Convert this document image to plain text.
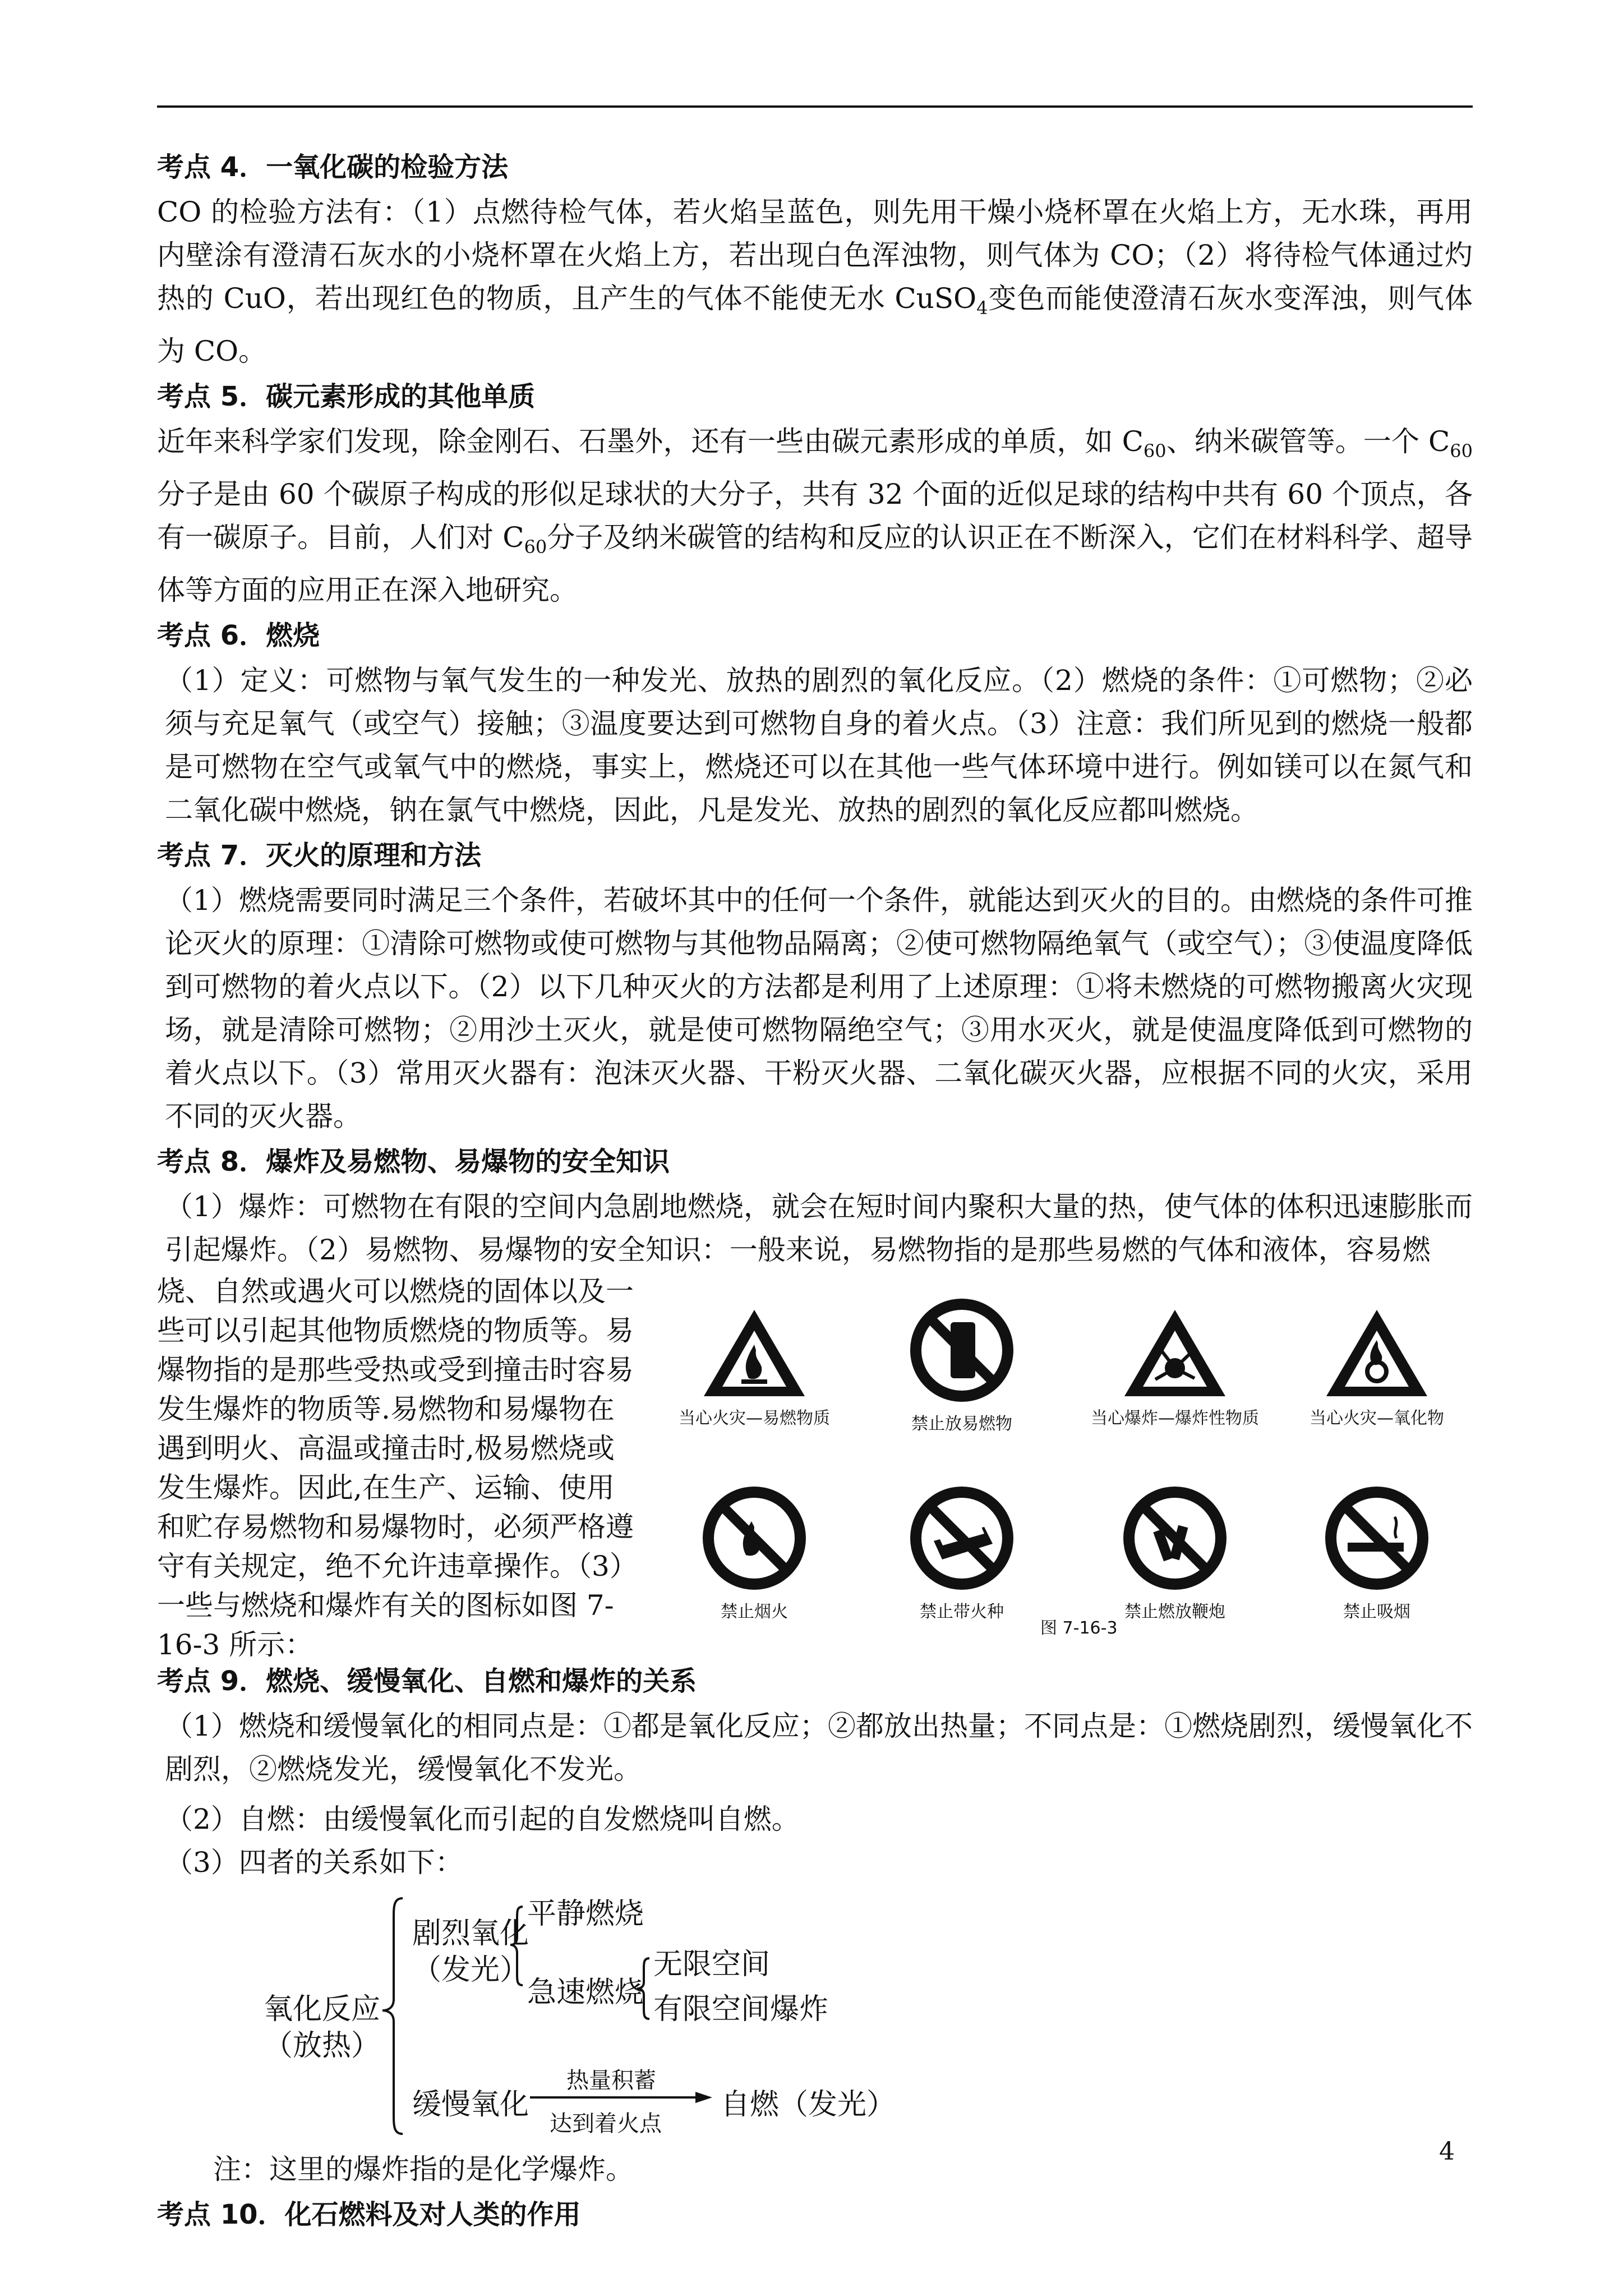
考点 4．一氧化碳的检验方法
CO 的检验方法有：（1）点燃待检气体，若火焰呈蓝色，则先用干燥小烧杯罩在火焰上方，无水珠，再用内壁涂有澄清石灰水的小烧杯罩在火焰上方，若出现白色浑浊物，则气体为 CO；（2）将待检气体通过灼热的 CuO，若出现红色的物质，且产生的气体不能使无水 CuSO$_4$变色而能使澄清石灰水变浑浊，则气体为 CO。
考点 5．碳元素形成的其他单质
近年来科学家们发现，除金刚石、石墨外，还有一些由碳元素形成的单质，如 $C_{60}$、纳米碳管等。一个 $C_{60}$分子是由 60 个碳原子构成的形似足球状的大分子，共有 32 个面的近似足球的结构中共有 60 个顶点，各有一碳原子。目前，人们对 $C_{60}$分子及纳米碳管的结构和反应的认识正在不断深入，它们在材料科学、超导体等方面的应用正在深入地研究。
考点 6．燃烧
（1）定义：可燃物与氧气发生的一种发光、放热的剧烈的氧化反应。（2）燃烧的条件：①可燃物；②必须与充足氧气（或空气）接触；③温度要达到可燃物自身的着火点。（3）注意：我们所见到的燃烧一般都是可燃物在空气或氧气中的燃烧，事实上，燃烧还可以在其他一些气体环境中进行。例如镁可以在氮气和二氧化碳中燃烧，钠在氯气中燃烧，因此，凡是发光、放热的剧烈的氧化反应都叫燃烧。
考点 7．灭火的原理和方法
（1）燃烧需要同时满足三个条件，若破坏其中的任何一个条件，就能达到灭火的目的。由燃烧的条件可推论灭火的原理：①清除可燃物或使可燃物与其他物品隔离；②使可燃物隔绝氧气（或空气）；③使温度降低到可燃物的着火点以下。（2）以下几种灭火的方法都是利用了上述原理：①将未燃烧的可燃物搬离火灾现场，就是清除可燃物；②用沙土灭火，就是使可燃物隔绝空气；③用水灭火，就是使温度降低到可燃物的着火点以下。（3）常用灭火器有：泡沫灭火器、干粉灭火器、二氧化碳灭火器，应根据不同的火灾，采用不同的灭火器。
考点 8．爆炸及易燃物、易爆物的安全知识
（1）爆炸：可燃物在有限的空间内急剧地燃烧，就会在短时间内聚积大量的热，使气体的体积迅速膨胀而引起爆炸。（2）易燃物、易爆物的安全知识：一般来说，易燃物指的是那些易燃的气体和液体，容易燃
烧、自然或遇火可以燃烧的固体以及一些可以引起其他物质燃烧的物质等。易爆物指的是那些受热或受到撞击时容易发生爆炸的物质等.易燃物和易爆物在遇到明火、高温或撞击时,极易燃烧或发生爆炸。因此,在生产、运输、使用和贮存易燃物和易爆物时，必须严格遵守有关规定，绝不允许违章操作。（3）一些与燃烧和爆炸有关的图标如图 7-16-3 所示：
当心火灾—易燃物质	禁止放易燃物	当心爆炸—爆炸性物质	当心火灾—氧化物
禁止烟火	禁止带火种	禁止燃放鞭炮	禁止吸烟
图 7-16-3
考点 9．燃烧、缓慢氧化、自燃和爆炸的关系
（1）燃烧和缓慢氧化的相同点是：①都是氧化反应；②都放出热量；不同点是：①燃烧剧烈，缓慢氧化不剧烈，②燃烧发光，缓慢氧化不发光。
（2）自燃：由缓慢氧化而引起的自发燃烧叫自燃。
（3）四者的关系如下：
氧化反应
（放热）
剧烈氧化
（发光）
平静燃烧
急速燃烧
无限空间
有限空间爆炸
缓慢氧化
热量积蓄
达到着火点
自燃（发光）
注：这里的爆炸指的是化学爆炸。
考点 10．化石燃料及对人类的作用
4
